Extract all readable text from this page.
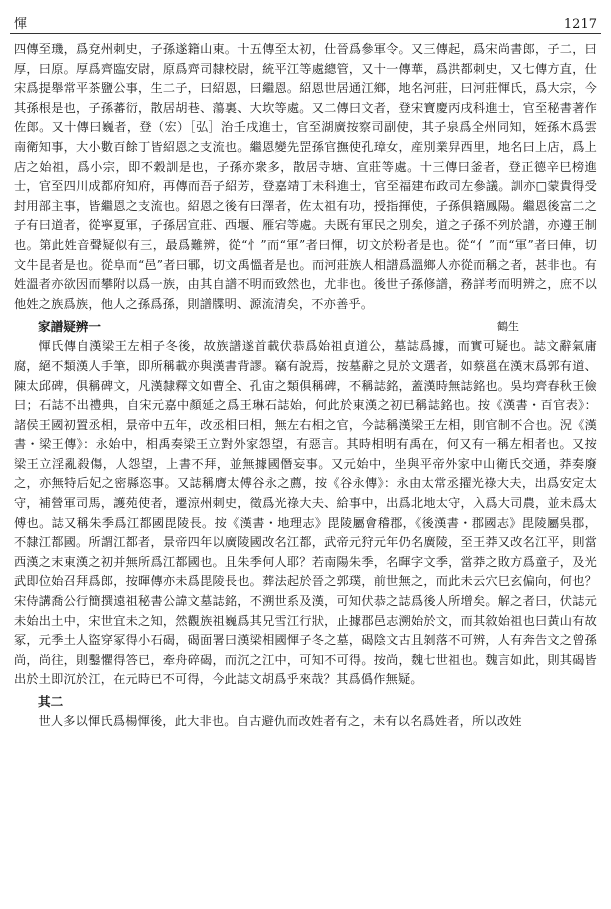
惲	1217

四傳至璣，爲兗州刺史，子孫遂籍山東。十五傳至太初，仕晉爲參軍令。又三傳起，爲宋尚書郎，子二，曰厚，曰原。厚爲齊臨安尉，原爲齊司隸校尉，統平江等處總管，又十一傳華，爲洪都刺史，又七傳方直，仕宋爲提舉常平茶鹽公事，生二子，曰紹恩，曰繼恩。紹恩世居通江鄉，地名河莊，曰河莊惲氏，爲大宗，今其孫根是也，子孫蕃衍，散居胡巷、蕩裏、大坎等處。又二傳曰文者，登宋寶慶丙戌科進士，官至秘書著作佐郎。又十傳曰巍者，登（宏）［弘］治壬戌進士，官至湖廣按察司副使，其子泉爲全州同知，姪孫木爲雲南衛知事，大小數百餘丁皆紹恩之支流也。繼恩變先罡孫官撫使孔璋女，産別業舁西里，地名曰上店，爲上店之始祖，爲小宗，即不穀訓是也，子孫亦衆多，散居寺塘、宣莊等處。十三傳曰釜者，登正德辛巳榜進士，官至四川成都府知府，再傳而吾子紹芳，登嘉靖丁未科進士，官至福建布政司左參議。訓亦□蒙貴得受封用部主事，皆繼恩之支流也。紹恩之後有曰澤者，佐太祖有功，授指揮使，子孫俱籍鳳陽。繼恩後富二之子有曰道者，從寧夏軍，子孫居宣莊、西堰、雁宕等處。夫既有軍民之別矣，道之子孫不列於譜，亦遵王制也。第此姓音聲疑似有三，最爲難辨，從“忄”而“軍”者曰惲，切文於粉者是也。從“亻”而“軍”者曰俥，切文牛昆者是也。從阜而“邑”者曰鄆，切文禹慍者是也。而河莊族人相譜爲溫鄉人亦從而稱之者，甚非也。有姓溫者亦欲因而攀附以爲一族，由其自譜不明而致然也，尤非也。後世子孫修譜，務詳考而明辨之，庶不以他姓之族爲族，他人之孫爲孫，則譜牒明、源流清矣，不亦善乎。

家譜疑辨一	鶴生

惲氏傳自漢梁王左相子冬後，故族譜遂首載伏恭爲始祖貞道公，墓誌爲據，而實可疑也。誌文辭氣庸腐，絕不類漢人手筆，即所稱載亦與漢書背謬。竊有說焉，按墓辭之見於文選者，如蔡邕在漢末爲郭有道、陳太邱碑，俱稱碑文，凡漢隸釋文如曹全、孔宙之類俱稱碑，不稱誌銘，蓋漢時無誌銘也。吳均齊春秋王儉曰；石誌不出禮典，自宋元嘉中顏延之爲王琳石誌始，何此於東漢之初已稱誌銘也。按《漢書・百官表》：諸侯王國初置丞相，景帝中五年，改丞相曰相，無左右相之官，今誌稱漢梁王左相，則官制不合也。況《漢書・梁王傳》：永始中，相禹奏梁王立對外家怨望，有惡言。其時相明有禹在，何又有一稱左相者也。又按梁王立淫亂殺傷，人怨望，上書不拜，並無據國僭妄事。又元始中，坐與平帝外家中山衛氏交通，莽奏廢之，亦無特后妃之密縣恣事。又誌稱膺太傅谷永之薦，按《谷永傳》：永由太常丞擢光祿大夫，出爲安定太守，補營軍司馬，護苑使者，遷涼州刺史，徵爲光祿大夫、給事中，出爲北地太守，入爲大司農，並未爲太傅也。誌又稱朱季爲江都國毘陵長。按《漢書・地理志》毘陵屬會稽郡，《後漢書・郡國志》毘陵屬吳郡，不隸江都國。所謂江都者，景帝四年以廣陵國改名江都，武帝元狩元年仍名廣陵，至王莽又改名江平，則當西漢之末東漢之初并無所爲江都國也。且朱季何人耶？若南陽朱季，名暉字文季，當莽之敗方爲童子，及光武即位始召拜爲郎，按暉傳亦未爲毘陵長也。葬法起於晉之郭璞，前世無之，而此未云穴巳玄偏向，何也？宋侍講喬公行簡撰遠祖秘書公諱文墓誌銘，不溯世系及漢，可知伏恭之誌爲後人所增矣。解之者曰，伏誌元未始出土中，宋世宜未之知，然觀族祖巍爲其兄雪江行狀，止據郡邑志溯始於文，而其敘始祖也曰黃山有故冢，元季土人盜穿冢得小石碣，碣面署曰漢梁相國惲子冬之墓，碣陰文古且剝落不可辨，人有奔告文之曾孫尚，尚往，則鑿懼得答已，牽舟碎碣，而沉之江中，可知不可得。按尚，魏七世祖也。魏言如此，則其碣皆出於土即沉於江，在元時已不可得，今此誌文胡爲乎來哉？其爲僞作無疑。

其二

世人多以惲氏爲楊惲後，此大非也。自古避仇而改姓者有之，未有以名爲姓者，所以改姓
